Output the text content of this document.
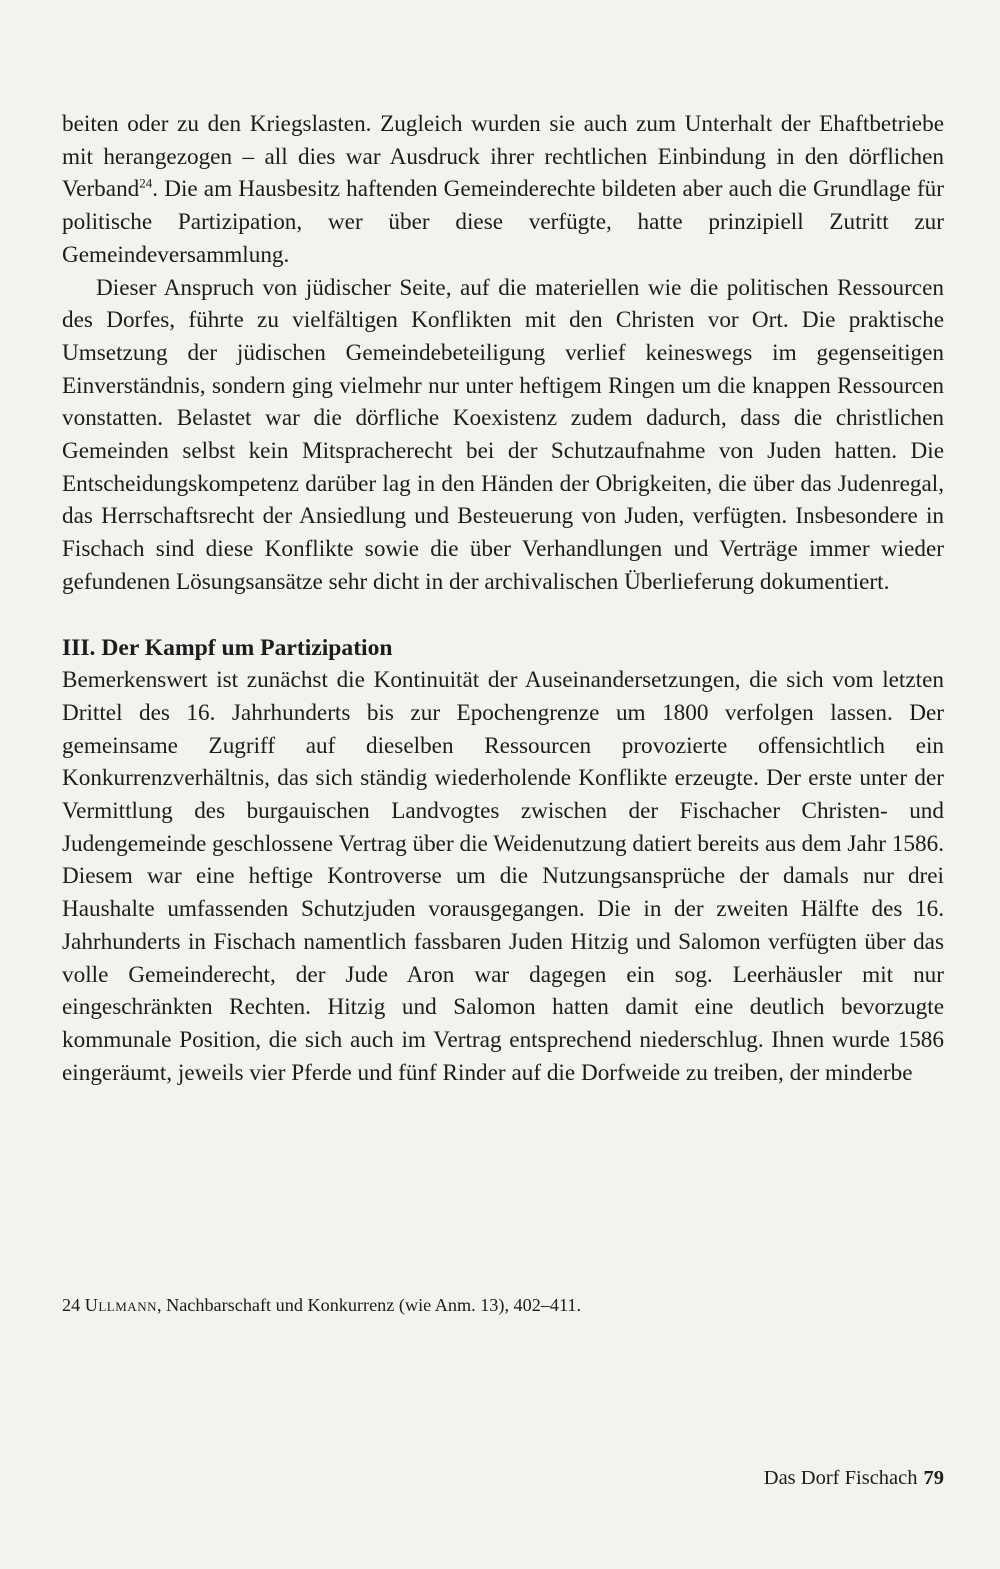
beiten oder zu den Kriegslasten. Zugleich wurden sie auch zum Unterhalt der Ehaftbetriebe mit herangezogen – all dies war Ausdruck ihrer rechtlichen Einbindung in den dörflichen Verband$^{24}$. Die am Hausbesitz haftenden Gemeinderechte bildeten aber auch die Grundlage für politische Partizipation, wer über diese verfügte, hatte prinzipiell Zutritt zur Gemeindeversammlung.

Dieser Anspruch von jüdischer Seite, auf die materiellen wie die politischen Ressourcen des Dorfes, führte zu vielfältigen Konflikten mit den Christen vor Ort. Die praktische Umsetzung der jüdischen Gemeindebeteiligung verlief keineswegs im gegenseitigen Einverständnis, sondern ging vielmehr nur unter heftigem Ringen um die knappen Ressourcen vonstatten. Belastet war die dörfliche Koexistenz zudem dadurch, dass die christlichen Gemeinden selbst kein Mitspracherecht bei der Schutzaufnahme von Juden hatten. Die Entscheidungskompetenz darüber lag in den Händen der Obrigkeiten, die über das Judenregal, das Herrschaftsrecht der Ansiedlung und Besteuerung von Juden, verfügten. Insbesondere in Fischach sind diese Konflikte sowie die über Verhandlungen und Verträge immer wieder gefundenen Lösungsansätze sehr dicht in der archivalischen Überlieferung dokumentiert.

III. Der Kampf um Partizipation

Bemerkenswert ist zunächst die Kontinuität der Auseinandersetzungen, die sich vom letzten Drittel des 16. Jahrhunderts bis zur Epochengrenze um 1800 verfolgen lassen. Der gemeinsame Zugriff auf dieselben Ressourcen provozierte offensichtlich ein Konkurrenzverhältnis, das sich ständig wiederholende Konflikte erzeugte. Der erste unter der Vermittlung des burgauischen Landvogtes zwischen der Fischacher Christen- und Judengemeinde geschlossene Vertrag über die Weidenutzung datiert bereits aus dem Jahr 1586. Diesem war eine heftige Kontroverse um die Nutzungsansprüche der damals nur drei Haushalte umfassenden Schutzjuden vorausgegangen. Die in der zweiten Hälfte des 16. Jahrhunderts in Fischach namentlich fassbaren Juden Hitzig und Salomon verfügten über das volle Gemeinderecht, der Jude Aron war dagegen ein sog. Leerhäusler mit nur eingeschränkten Rechten. Hitzig und Salomon hatten damit eine deutlich bevorzugte kommunale Position, die sich auch im Vertrag entsprechend niederschlug. Ihnen wurde 1586 eingeräumt, jeweils vier Pferde und fünf Rinder auf die Dorfweide zu treiben, der minderbe

24 Ullmann, Nachbarschaft und Konkurrenz (wie Anm. 13), 402–411.

Das Dorf Fischach 79
